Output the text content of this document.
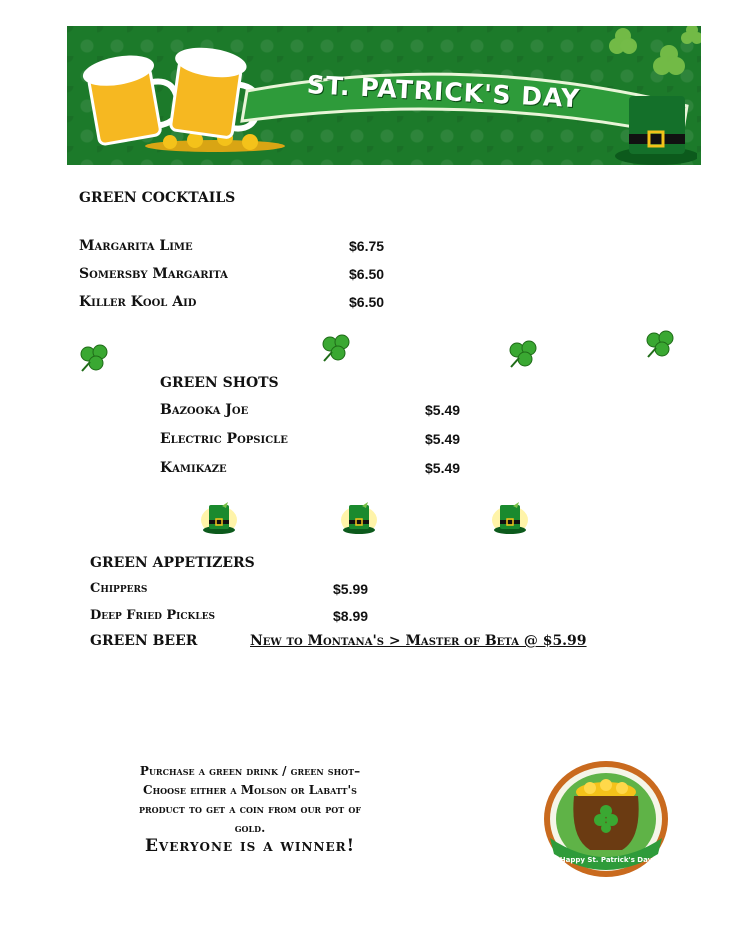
ST. PATRICK'S DAY
GREEN COCKTAILS
Margarita Lime	$6.75
Somersby Margarita	$6.50
Killer Kool Aid	$6.50
GREEN SHOTS
Bazooka Joe	$5.49
Electric Popsicle	$5.49
Kamikaze	$5.49
GREEN APPETIZERS
Chippers	$5.99
Deep Fried Pickles	$8.99
GREEN BEER	New to Montana's > Master of Beta @ $5.99
Purchase a green drink / green shot–
Choose either a Molson or Labatt's
product to get a coin from our pot of
gold.
Everyone is a winner!
Happy St. Patrick's Day
